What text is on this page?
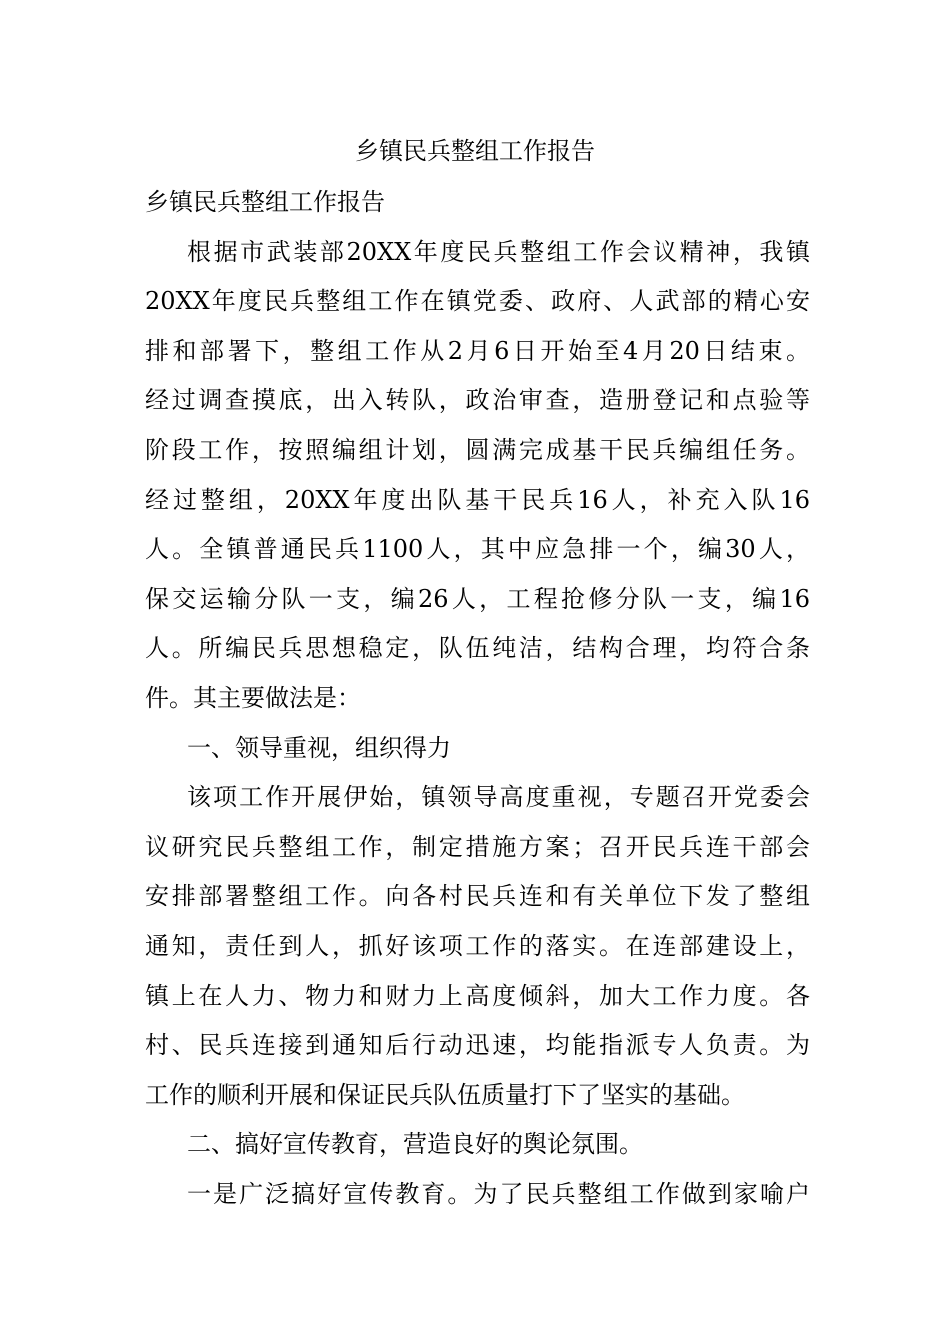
乡镇民兵整组工作报告
乡镇民兵整组工作报告
根据市武装部20XX年度民兵整组工作会议精神，我镇
20XX年度民兵整组工作在镇党委、政府、人武部的精心安
排和部署下，整组工作从2月6日开始至4月20日结束。
经过调查摸底，出入转队，政治审查，造册登记和点验等
阶段工作，按照编组计划，圆满完成基干民兵编组任务。
经过整组，20XX年度出队基干民兵16人，补充入队16
人。全镇普通民兵1100人，其中应急排一个，编30人，
保交运输分队一支，编26人，工程抢修分队一支，编16
人。所编民兵思想稳定，队伍纯洁，结构合理，均符合条
件。其主要做法是：
一、领导重视，组织得力
该项工作开展伊始，镇领导高度重视，专题召开党委会
议研究民兵整组工作，制定措施方案；召开民兵连干部会
安排部署整组工作。向各村民兵连和有关单位下发了整组
通知，责任到人，抓好该项工作的落实。在连部建设上，
镇上在人力、物力和财力上高度倾斜，加大工作力度。各
村、民兵连接到通知后行动迅速，均能指派专人负责。为
工作的顺利开展和保证民兵队伍质量打下了坚实的基础。
二、搞好宣传教育，营造良好的舆论氛围。
一是广泛搞好宣传教育。为了民兵整组工作做到家喻户
